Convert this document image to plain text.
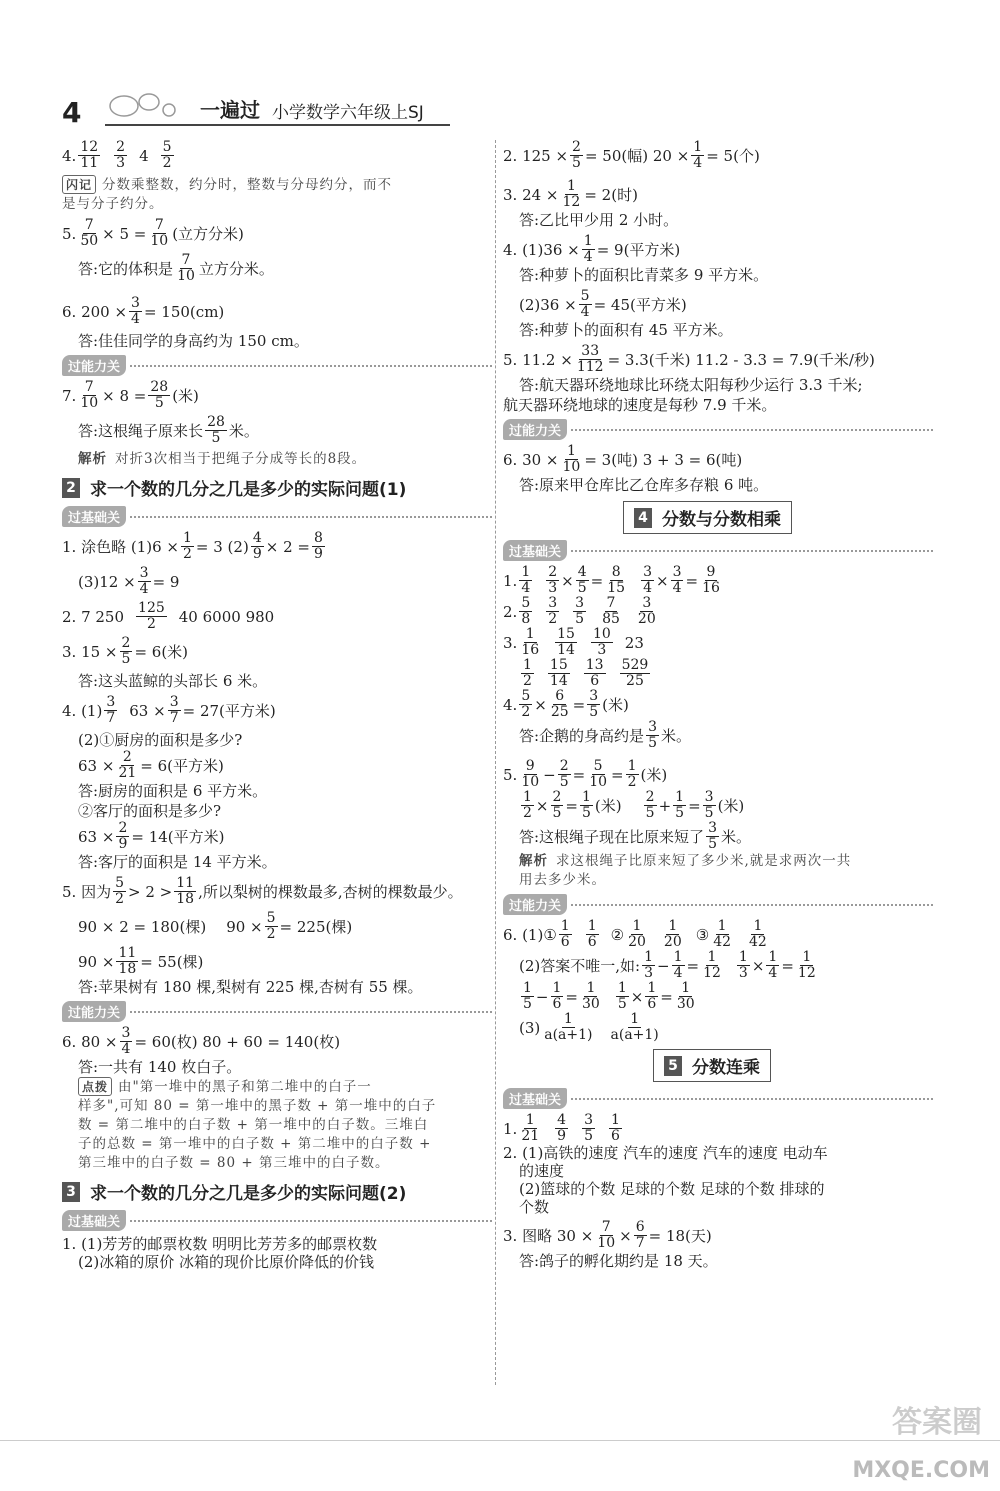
4	一遍过 小学数学六年级上SJ
4. $\frac{12}{11} \frac{2}{3} 4 \frac{5}{2}$
闪记 分数乘整数，约分时，整数与分母约分，而不
是与分子约分。
5. $\frac{7}{50} \times 5 = \frac{7}{10}$ (立方分米)
答:它的体积是 $\frac{7}{10}$ 立方分米。
6. $200 \times \frac{3}{4} = 150(cm)$
答:佳佳同学的身高约为 150 cm。
过能力关
7. $\frac{7}{10} \times 8 = \frac{28}{5}$ (米)
答:这根绳子原来长 $\frac{28}{5}$ 米。
解析 对折3次相当于把绳子分成等长的8段。
2 求一个数的几分之几是多少的实际问题(1)
过基础关
1. 涂色略 $(1)6 \times \frac{1}{2} = 3$ $(2) \frac{4}{9} \times 2 = \frac{8}{9}$
$(3)12 \times \frac{3}{4} = 9$
2. 7 $250 \frac{125}{2} 40$ 6000 980
3. $15 \times \frac{2}{5} = 6$(米)
答:这头蓝鲸的头部长 6 米。
4. $(1) \frac{3}{7} 63 \times \frac{3}{7} = 27$(平方米)
(2)①厨房的面积是多少?
$63 \times \frac{2}{21} = 6$(平方米)
答:厨房的面积是 6 平方米。
②客厅的面积是多少?
$63 \times \frac{2}{9} = 14$(平方米)
答:客厅的面积是 14 平方米。
5. 因为 $\frac{5}{2} > 2 > \frac{11}{18}$ ,所以梨树的棵数最多,杏树的棵数最少。
90 × 2 = 180(棵) $90 \times \frac{5}{2} = 225$(棵)
$90 \times \frac{11}{18} = 55$(棵)
答:苹果树有 180 棵,梨树有 225 棵,杏树有 55 棵。
过能力关
6. $80 \times \frac{3}{4} = 60$(枚) 80 + 60 = 140(枚)
答:一共有 140 枚白子。
点拨 由"第一堆中的黑子和第二堆中的白子一
样多",可知 80 = 第一堆中的黑子数 + 第一堆中的白子
数 = 第二堆中的白子数 + 第一堆中的白子数。三堆白
子的总数 = 第一堆中的白子数 + 第二堆中的白子数 +
第三堆中的白子数 = 80 + 第三堆中的白子数。
3 求一个数的几分之几是多少的实际问题(2)
过基础关
1. (1)芳芳的邮票枚数 明明比芳芳多的邮票枚数
(2)冰箱的原价 冰箱的现价比原价降低的价钱
2. $125 \times \frac{2}{5} = 50$(幅) $20 \times \frac{1}{4} = 5$(个)
3. $24 \times \frac{1}{12} = 2$(时)
答:乙比甲少用 2 小时。
4. $(1)36 \times \frac{1}{4} = 9$(平方米)
答:种萝卜的面积比青菜多 9 平方米。
$(2)36 \times \frac{5}{4} = 45$(平方米)
答:种萝卜的面积有 45 平方米。
5. $11.2 \times \frac{33}{112} = 3.3$(千米) 11.2 - 3.3 = 7.9(千米/秒)
答:航天器环绕地球比环绕太阳每秒少运行 3.3 千米;
航天器环绕地球的速度是每秒 7.9 千米。
过能力关
6. $30 \times \frac{1}{10} = 3$(吨) 3 + 3 = 6(吨)
答:原来甲仓库比乙仓库多存粮 6 吨。
4 分数与分数相乘
过基础关
1. $\frac{1}{4} \frac{2}{3} \times \frac{4}{5} = \frac{8}{15} \frac{3}{4} \times \frac{3}{4} = \frac{9}{16}$
2. $\frac{5}{8} \frac{3}{2} \frac{3}{5} \frac{7}{85} \frac{3}{20}$
3. $\frac{1}{16} \frac{15}{14} \frac{10}{3} 23$
$\frac{1}{2} \frac{15}{14} \frac{13}{6} \frac{529}{25}$
4. $\frac{5}{2} \times \frac{6}{25} = \frac{3}{5}$ (米)
答:企鹅的身高约是 $\frac{3}{5}$ 米。
5. $\frac{9}{10} - \frac{2}{5} = \frac{5}{10} = \frac{1}{2}$ (米)
$\frac{1}{2} \times \frac{2}{5} = \frac{1}{5}$ (米) $\frac{2}{5} + \frac{1}{5} = \frac{3}{5}$ (米)
答:这根绳子现在比原来短了 $\frac{3}{5}$ 米。
解析 求这根绳子比原来短了多少米,就是求两次一共
用去多少米。
过能力关
6. (1)① $\frac{1}{6} \frac{1}{6}$ ② $\frac{1}{20} \frac{1}{20}$ ③ $\frac{1}{42} \frac{1}{42}$
(2)答案不唯一,如: $\frac{1}{3} - \frac{1}{4} = \frac{1}{12} \frac{1}{3} \times \frac{1}{4} = \frac{1}{12}$
$\frac{1}{5} - \frac{1}{6} = \frac{1}{30} \frac{1}{5} \times \frac{1}{6} = \frac{1}{30}$
$(3) \frac{1}{a(a+1)} \frac{1}{a(a+1)}$
5 分数连乘
过基础关
1. $\frac{1}{21} \frac{4}{9} \frac{3}{5} \frac{1}{6}$
2. (1)高铁的速度 汽车的速度 汽车的速度 电动车
的速度
(2)篮球的个数 足球的个数 足球的个数 排球的
个数
3. 图略 $30 \times \frac{7}{10} \times \frac{6}{7} = 18$(天)
答:鸽子的孵化期约是 18 天。
答案圈
MXQE.COM
